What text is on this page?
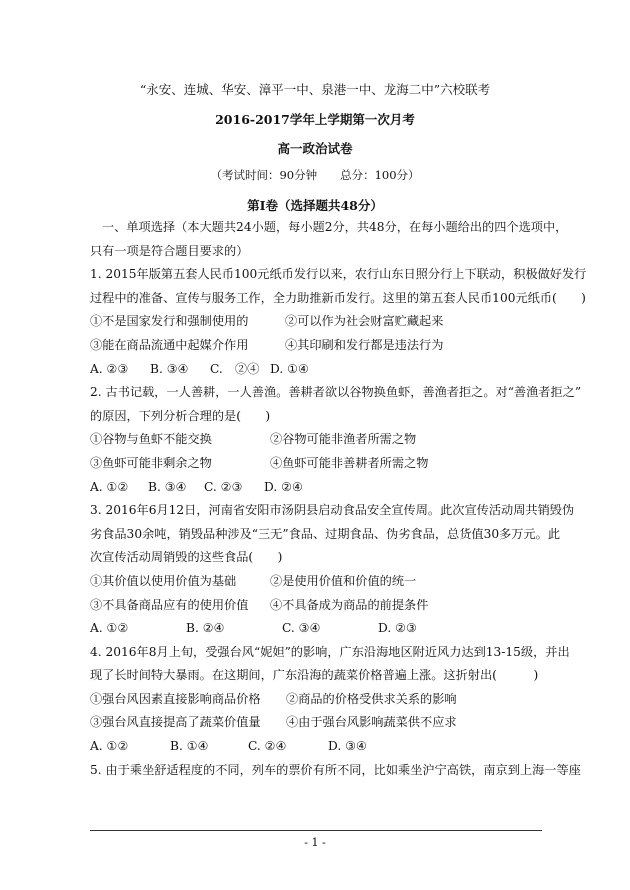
“永安、连城、华安、漳平一中、泉港一中、龙海二中”六校联考
2016-2017学年上学期第一次月考
高一政治试卷
（考试时间：90分钟　　总分：100分）
第Ⅰ卷（选择题共48分）
一、单项选择（本大题共24小题，每小题2分，共48分，在每小题给出的四个选项中，
只有一项是符合题目要求的）
1. 2015年版第五套人民币100元纸币发行以来，农行山东日照分行上下联动，积极做好发行
过程中的准备、宣传与服务工作，全力助推新币发行。这里的第五套人民币100元纸币(　　)
①不是国家发行和强制使用的	②可以作为社会财富贮藏起来
③能在商品流通中起媒介作用	④其印刷和发行都是违法行为
A. ②③	B. ③④	C.　②④ D. ①④
2. 古书记载，一人善耕，一人善渔。善耕者欲以谷物换鱼虾，善渔者拒之。对“善渔者拒之”
的原因，下列分析合理的是(　　)
①谷物与鱼虾不能交换	②谷物可能非渔者所需之物
③鱼虾可能非剩余之物	④鱼虾可能非善耕者所需之物
A. ①②	B. ③④	C. ②③	D. ②④
3. 2016年6月12日，河南省安阳市汤阴县启动食品安全宣传周。此次宣传活动周共销毁伪
劣食品30余吨，销毁品种涉及“三无”食品、过期食品、伪劣食品，总货值30多万元。此
次宣传活动周销毁的这些食品(　　)
①其价值以使用价值为基础	②是使用价值和价值的统一
③不具备商品应有的使用价值	④不具备成为商品的前提条件
A. ①②	B. ②④	C. ③④	D. ②③
4. 2016年8月上旬，受强台风“妮妲”的影响，广东沿海地区附近风力达到13-15级，并出
现了长时间特大暴雨。在这期间，广东沿海的蔬菜价格普遍上涨。这折射出(　　　)
①强台风因素直接影响商品价格	②商品的价格受供求关系的影响
③强台风直接提高了蔬菜价值量	④由于强台风影响蔬菜供不应求
A. ①②	B. ①④	C. ②④	D. ③④
5. 由于乘坐舒适程度的不同，列车的票价有所不同，比如乘坐沪宁高铁，南京到上海一等座
- 1 -
